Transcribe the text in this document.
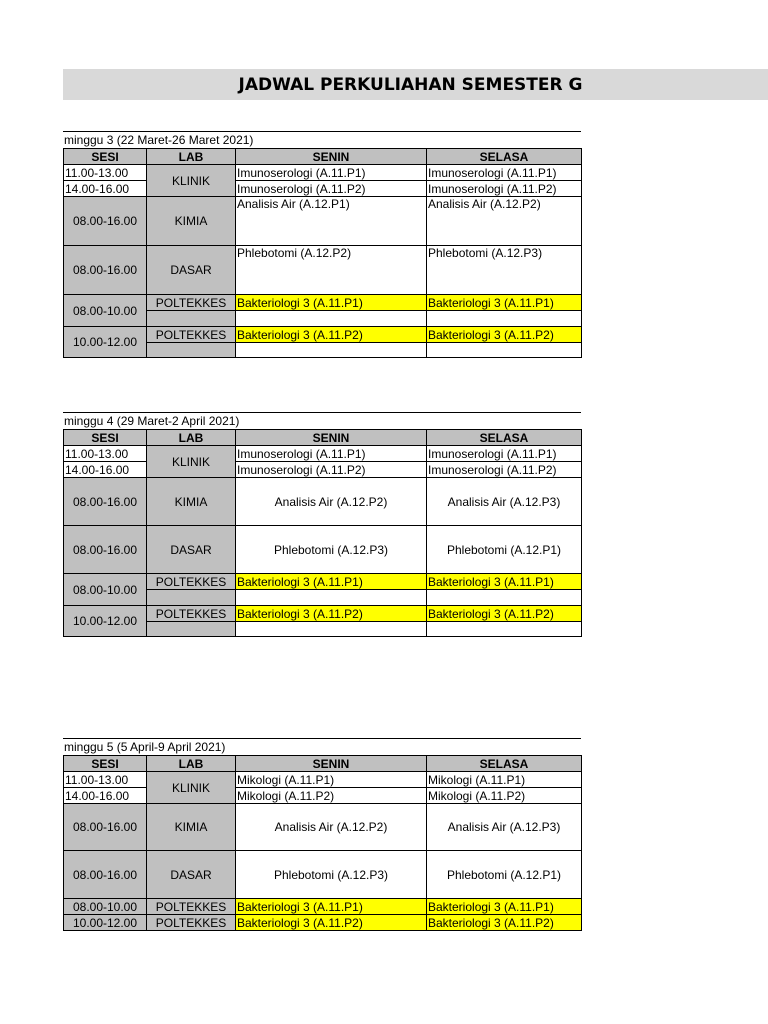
JADWAL PERKULIAHAN SEMESTER G
minggu 3 (22 Maret-26 Maret 2021)
SESI	LAB	SENIN	SELASA
11.00-13.00	KLINIK	Imunoserologi (A.11.P1)	Imunoserologi (A.11.P1)
14.00-16.00		Imunoserologi (A.11.P2)	Imunoserologi (A.11.P2)
08.00-16.00	KIMIA	Analisis Air (A.12.P1)	Analisis Air (A.12.P2)
08.00-16.00	DASAR	Phlebotomi (A.12.P2)	Phlebotomi (A.12.P3)
08.00-10.00	POLTEKKES	Bakteriologi 3 (A.11.P1)	Bakteriologi 3 (A.11.P1)

10.00-12.00	POLTEKKES	Bakteriologi 3 (A.11.P2)	Bakteriologi 3 (A.11.P2)

minggu 4 (29 Maret-2 April 2021)
SESI	LAB	SENIN	SELASA
11.00-13.00	KLINIK	Imunoserologi (A.11.P1)	Imunoserologi (A.11.P1)
14.00-16.00		Imunoserologi (A.11.P2)	Imunoserologi (A.11.P2)
08.00-16.00	KIMIA	Analisis Air (A.12.P2)	Analisis Air (A.12.P3)
08.00-16.00	DASAR	Phlebotomi (A.12.P3)	Phlebotomi (A.12.P1)
08.00-10.00	POLTEKKES	Bakteriologi 3 (A.11.P1)	Bakteriologi 3 (A.11.P1)

10.00-12.00	POLTEKKES	Bakteriologi 3 (A.11.P2)	Bakteriologi 3 (A.11.P2)

minggu 5 (5 April-9 April 2021)
SESI	LAB	SENIN	SELASA
11.00-13.00	KLINIK	Mikologi (A.11.P1)	Mikologi (A.11.P1)
14.00-16.00		Mikologi (A.11.P2)	Mikologi (A.11.P2)
08.00-16.00	KIMIA	Analisis Air (A.12.P2)	Analisis Air (A.12.P3)
08.00-16.00	DASAR	Phlebotomi (A.12.P3)	Phlebotomi (A.12.P1)
08.00-10.00	POLTEKKES	Bakteriologi 3 (A.11.P1)	Bakteriologi 3 (A.11.P1)
10.00-12.00	POLTEKKES	Bakteriologi 3 (A.11.P2)	Bakteriologi 3 (A.11.P2)
